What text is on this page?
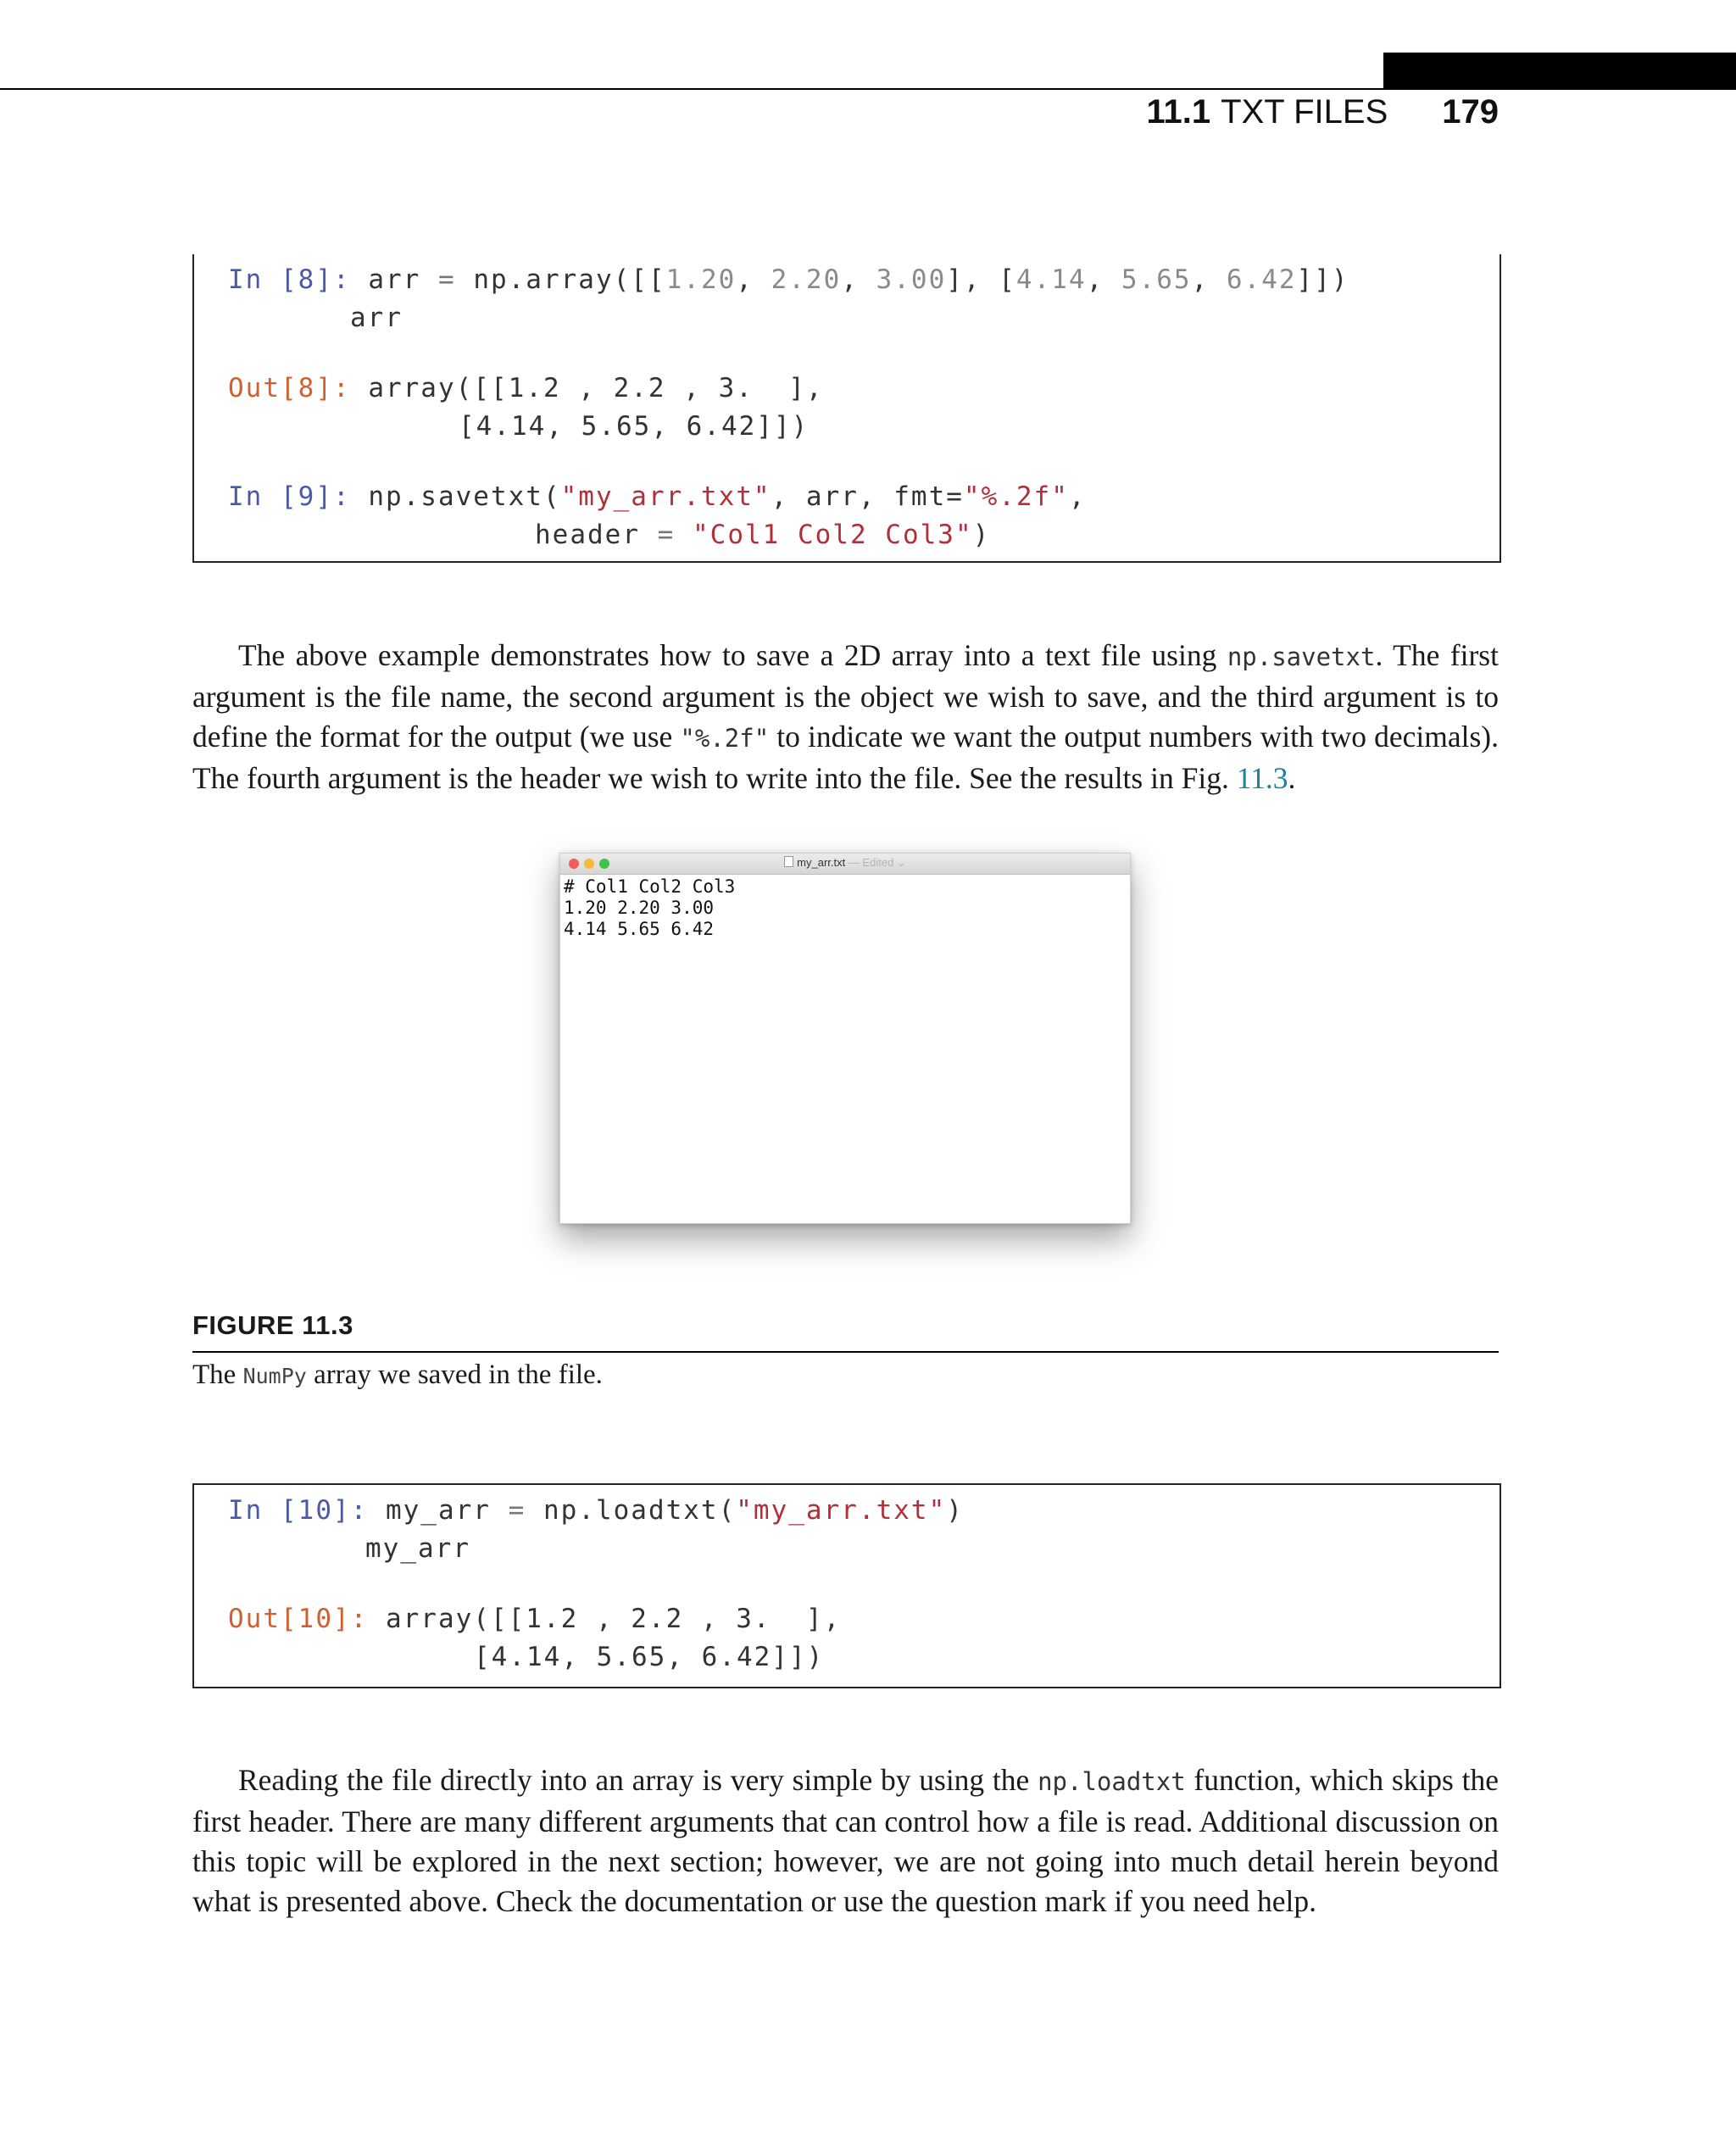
11.1 TXT FILES 179
In [8]: arr = np.array([[1.20, 2.20, 3.00], [4.14, 5.65, 6.42]])
arr
Out[8]: array([[1.2 , 2.2 , 3.  ],
[4.14, 5.65, 6.42]])
In [9]: np.savetxt("my_arr.txt", arr, fmt="%.2f",
header = "Col1 Col2 Col3")
The above example demonstrates how to save a 2D array into a text file using np.savetxt. The first argument is the file name, the second argument is the object we wish to save, and the third argument is to define the format for the output (we use "%.2f" to indicate we want the output numbers with two decimals). The fourth argument is the header we wish to write into the file. See the results in Fig. 11.3.
my_arr.txt — Edited ⌄
# Col1 Col2 Col3
1.20 2.20 3.00
4.14 5.65 6.42
FIGURE 11.3
The NumPy array we saved in the file.
In [10]: my_arr = np.loadtxt("my_arr.txt")
my_arr
Out[10]: array([[1.2 , 2.2 , 3.  ],
[4.14, 5.65, 6.42]])
Reading the file directly into an array is very simple by using the np.loadtxt function, which skips the first header. There are many different arguments that can control how a file is read. Additional discussion on this topic will be explored in the next section; however, we are not going into much detail herein beyond what is presented above. Check the documentation or use the question mark if you need help.
